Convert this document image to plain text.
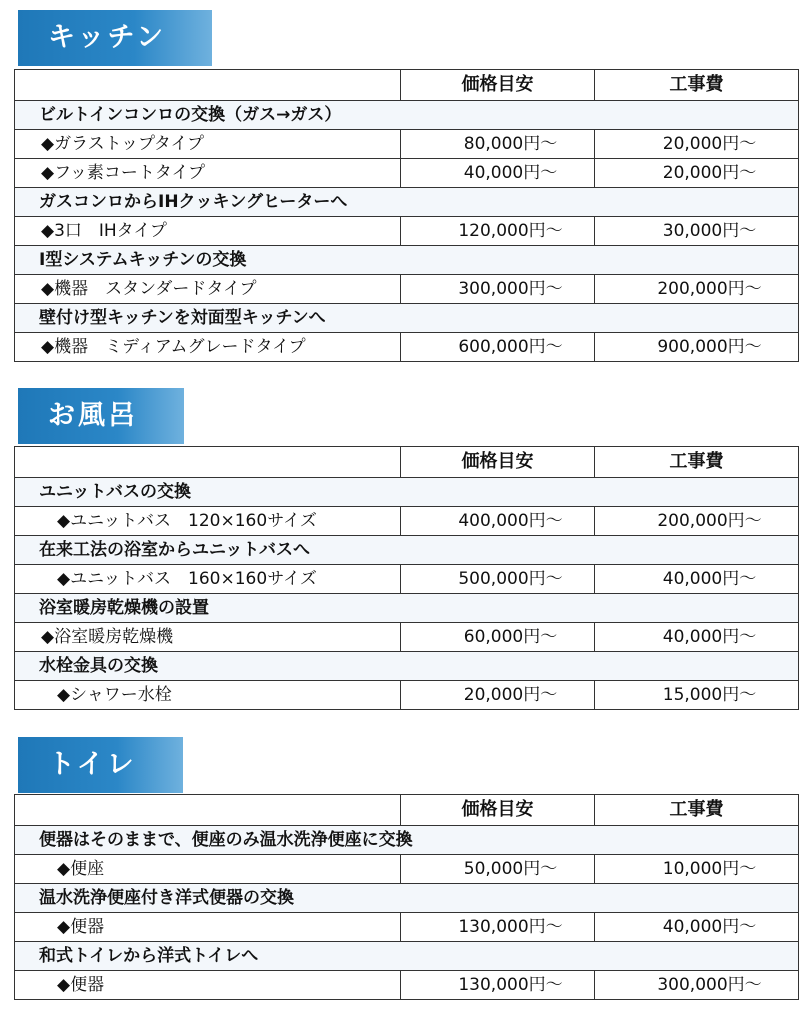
キッチン
	価格目安	工事費
ビルトインコンロの交換（ガス→ガス）		
◆ガラストップタイプ	80,000円～	20,000円～
◆フッ素コートタイプ	40,000円～	20,000円～
ガスコンロからIHクッキングヒーターへ		
◆3口　IHタイプ	120,000円～	30,000円～
I型システムキッチンの交換		
◆機器　スタンダードタイプ	300,000円～	200,000円～
壁付け型キッチンを対面型キッチンへ		
◆機器　ミディアムグレードタイプ	600,000円～	900,000円～
お風呂
	価格目安	工事費
ユニットバスの交換		
◆ユニットバス　120×160サイズ	400,000円～	200,000円～
在来工法の浴室からユニットバスへ		
◆ユニットバス　160×160サイズ	500,000円～	40,000円～
浴室暖房乾燥機の設置		
◆浴室暖房乾燥機	60,000円～	40,000円～
水栓金具の交換		
◆シャワー水栓	20,000円～	15,000円～
トイレ
	価格目安	工事費
便器はそのままで、便座のみ温水洗浄便座に交換		
◆便座	50,000円～	10,000円～
温水洗浄便座付き洋式便器の交換		
◆便器	130,000円～	40,000円～
和式トイレから洋式トイレへ		
◆便器	130,000円～	300,000円～
